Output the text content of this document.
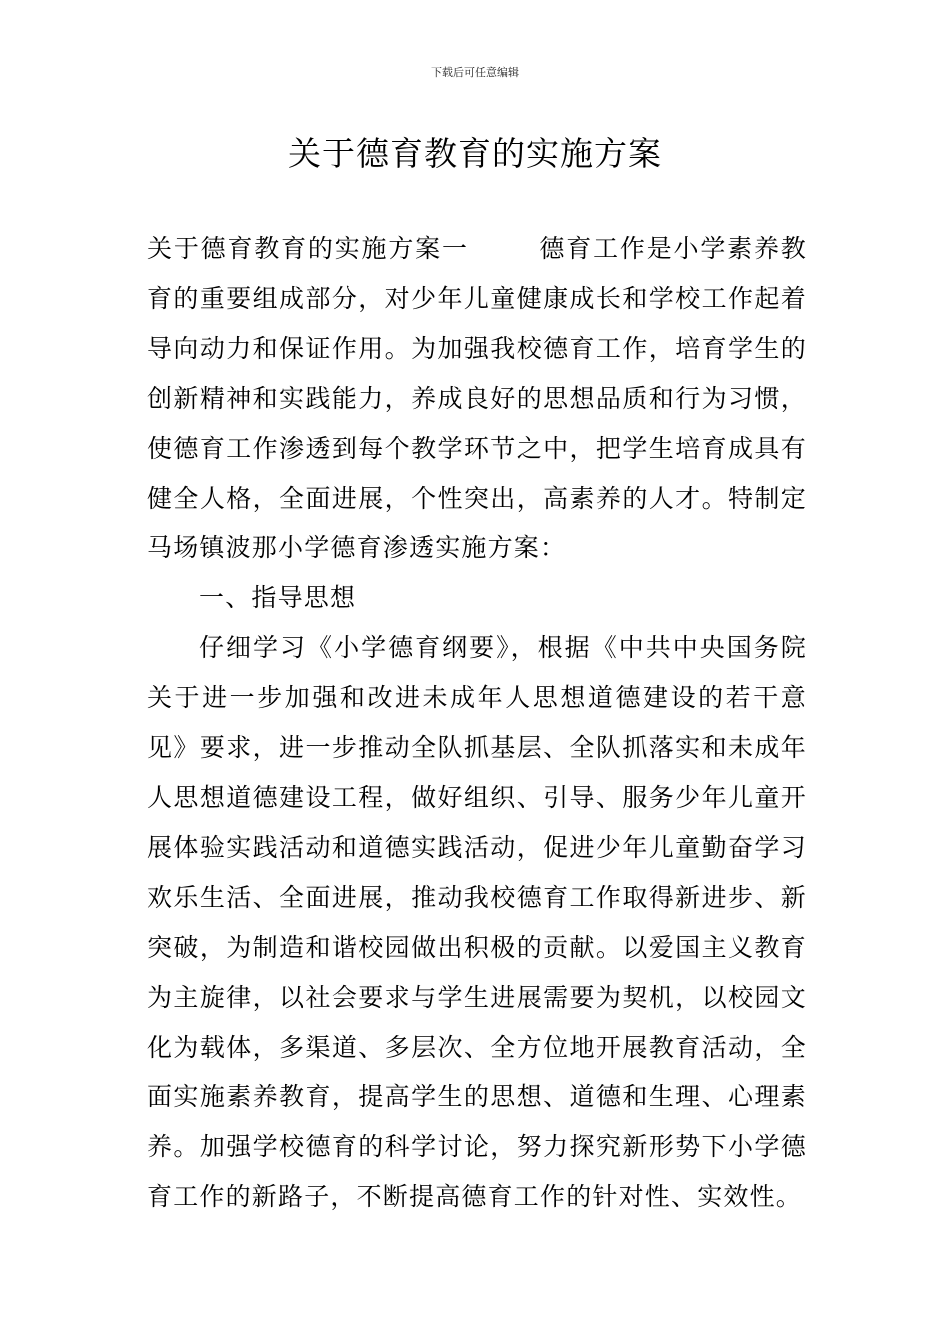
下载后可任意编辑
关于德育教育的实施方案

关于德育教育的实施方案一	德育工作是小学素养教育的重要组成部分，对少年儿童健康成长和学校工作起着导向动力和保证作用。为加强我校德育工作，培育学生的创新精神和实践能力，养成良好的思想品质和行为习惯，使德育工作渗透到每个教学环节之中，把学生培育成具有健全人格，全面进展，个性突出，高素养的人才。特制定马场镇波那小学德育渗透实施方案：

一、指导思想

仔细学习《小学德育纲要》，根据《中共中央国务院关于进一步加强和改进未成年人思想道德建设的若干意见》要求，进一步推动全队抓基层、全队抓落实和未成年人思想道德建设工程，做好组织、引导、服务少年儿童开展体验实践活动和道德实践活动，促进少年儿童勤奋学习欢乐生活、全面进展，推动我校德育工作取得新进步、新突破，为制造和谐校园做出积极的贡献。以爱国主义教育为主旋律，以社会要求与学生进展需要为契机，以校园文化为载体，多渠道、多层次、全方位地开展教育活动，全面实施素养教育，提高学生的思想、道德和生理、心理素养。加强学校德育的科学讨论，努力探究新形势下小学德育工作的新路子，不断提高德育工作的针对性、实效性。
